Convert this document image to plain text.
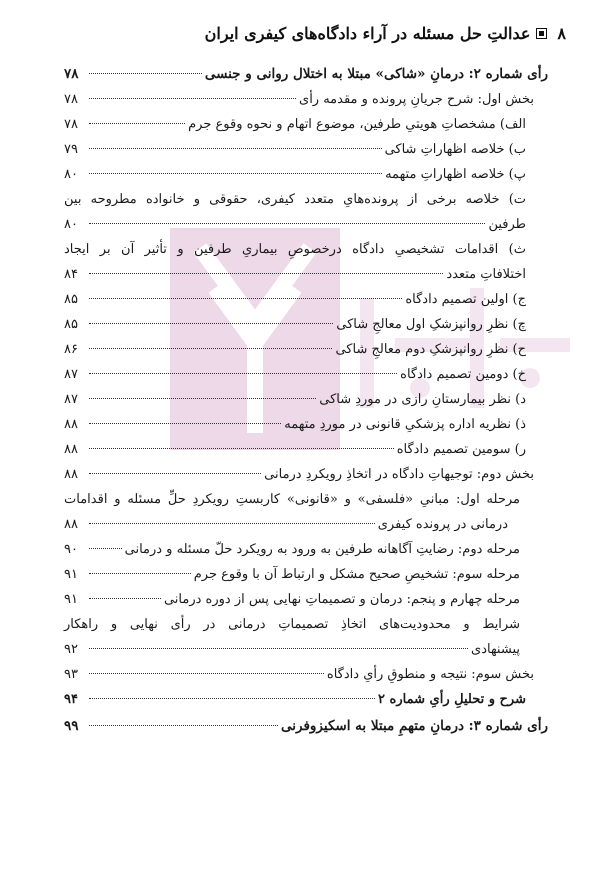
۸
عدالتِ حل مسئله در آراء دادگاه‌های کیفری ایران
رأی شماره ۲: درمانِ «شاکی» مبتلا به اختلال روانی و جنسی
۷۸
بخش اول: شرح جریانِ پرونده و مقدمه رأی
۷۸
الف) مشخصاتِ هویتیِ طرفین، موضوع اتهام و نحوه وقوع جرم
۷۸
ب) خلاصه اظهاراتِ شاکی
۷۹
پ) خلاصه اظهاراتِ متهمه
۸۰
ت) خلاصه برخی از پرونده‌هایِ متعدد کیفری، حقوقی و خانواده مطروحه بین
طرفین
۸۰
ث) اقدامات تشخیصیِ دادگاه درخصوصِ بیماریِ طرفین و تأثیر آن بر ایجاد
اختلافاتِ متعدد
۸۴
ج) اولین تصمیم دادگاه
۸۵
چ) نظرِ روانپزشکِ اول معالجِ شاکی
۸۵
ح) نظرِ روانپزشکِ دوم معالجِ شاکی
۸۶
خ) دومین تصمیم دادگاه
۸۷
د) نظر بیمارستانِ رازی در موردِ شاکی
۸۷
ذ) نظریه اداره پزشکیِ قانونی در موردِ متهمه
۸۸
ر) سومین تصمیم دادگاه
۸۸
بخش دوم: توجیهاتِ دادگاه در اتخاذِ رویکردِ درمانی
۸۸
مرحله اول: مبانیِ «فلسفی» و «قانونی» کاربستِ رویکردِ حلِّ مسئله و اقدامات
درمانی در پرونده کیفری
۸۸
مرحله دوم: رضایتِ آگاهانه طرفین به ورود به رویکرد حلّ مسئله و درمانی
۹۰
مرحله سوم: تشخیصِ صحیح مشکل و ارتباط آن با وقوع جرم
۹۱
مرحله چهارم و پنجم: درمان و تصمیماتِ نهایی پس از دوره درمانی
۹۱
شرایط و محدودیت‌های اتخاذِ تصمیماتِ درمانی در رأی نهایی و راهکار
پیشنهادی
۹۲
بخش سوم: نتیجه و منطوقِ رأیِ دادگاه
۹۳
شرح و تحلیلِ رأیِ شماره ۲
۹۴
رأی شماره ۳: درمانِ متهمِ مبتلا به اسکیزوفرنی
۹۹
